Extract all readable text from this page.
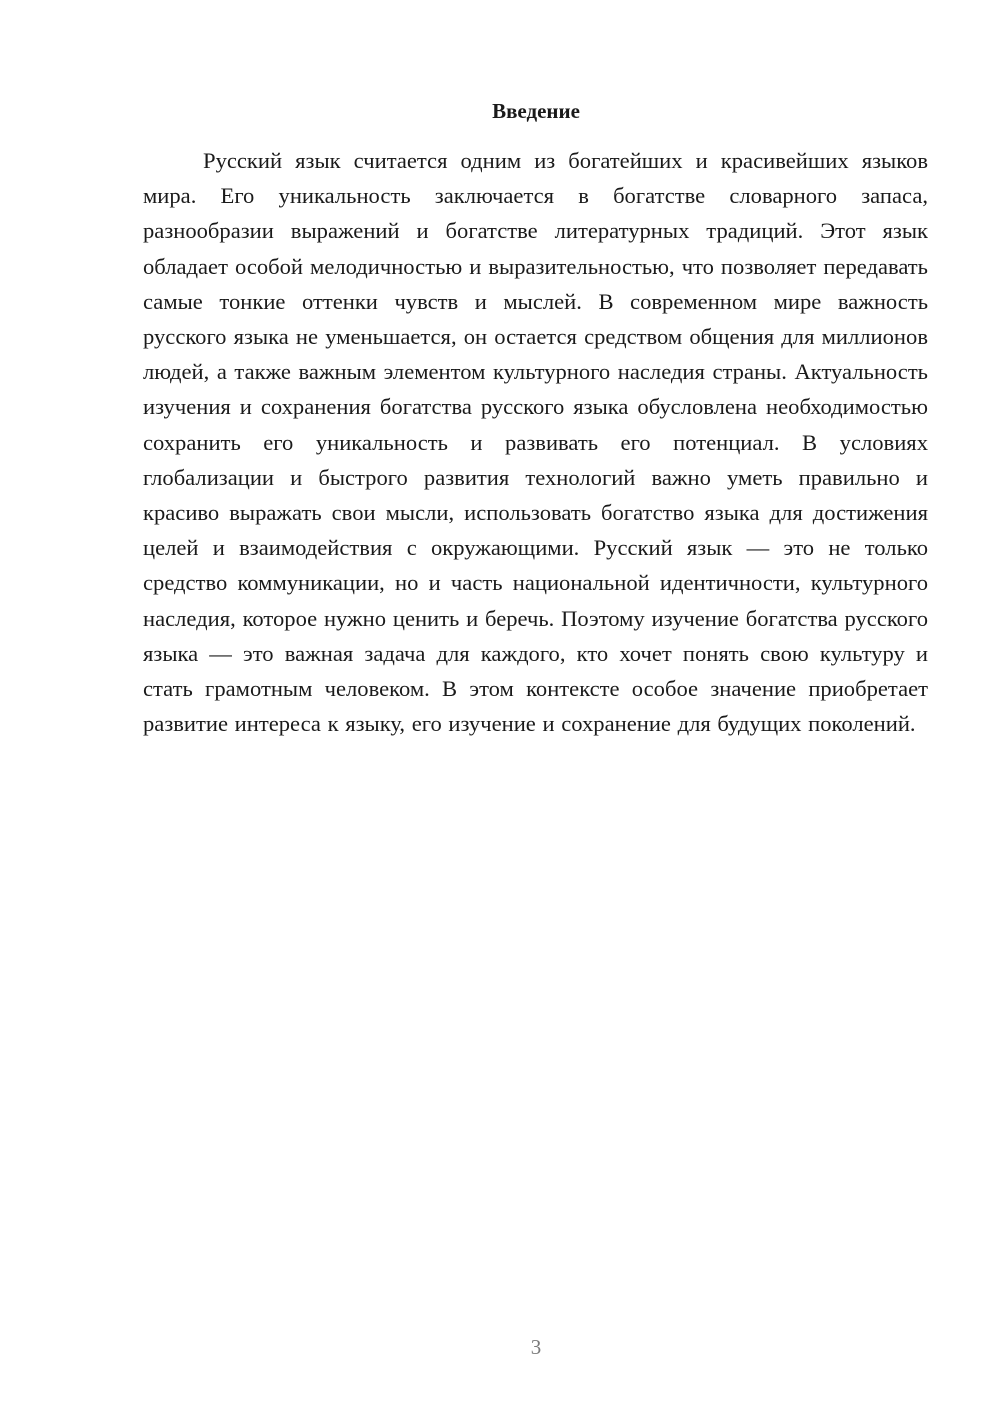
Введение

Русский язык считается одним из богатейших и красивейших языков мира. Его уникальность заключается в богатстве словарного запаса, разнообразии выражений и богатстве литературных традиций. Этот язык обладает особой мелодичностью и выразительностью, что позволяет передавать самые тонкие оттенки чувств и мыслей. В современном мире важность русского языка не уменьшается, он остается средством общения для миллионов людей, а также важным элементом культурного наследия страны. Актуальность изучения и сохранения богатства русского языка обусловлена необходимостью сохранить его уникальность и развивать его потенциал. В условиях глобализации и быстрого развития технологий важно уметь правильно и красиво выражать свои мысли, использовать богатство языка для достижения целей и взаимодействия с окружающими. Русский язык — это не только средство коммуникации, но и часть национальной идентичности, культурного наследия, которое нужно ценить и беречь. Поэтому изучение богатства русского языка — это важная задача для каждого, кто хочет понять свою культуру и стать грамотным человеком. В этом контексте особое значение приобретает развитие интереса к языку, его изучение и сохранение для будущих поколений.

3
